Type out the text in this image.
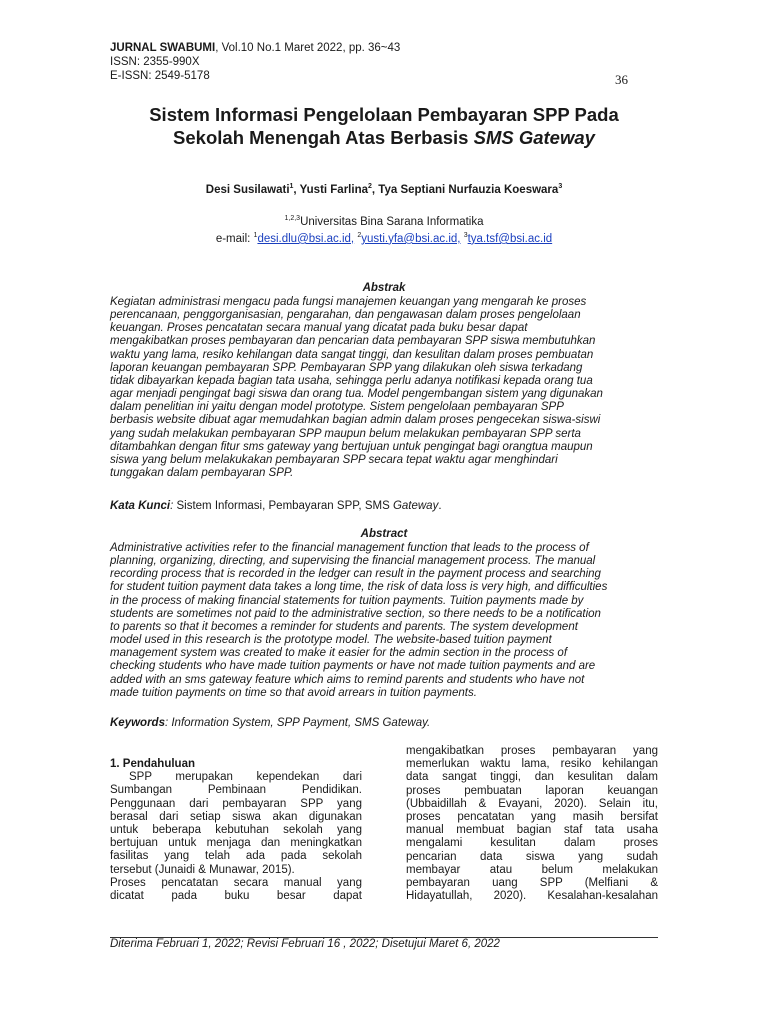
JURNAL SWABUMI, Vol.10 No.1 Maret 2022, pp. 36~43
ISSN: 2355-990X
E-ISSN: 2549-5178	36
Sistem Informasi Pengelolaan Pembayaran SPP Pada
Sekolah Menengah Atas Berbasis SMS Gateway
Desi Susilawati$^1$, Yusti Farlina$^2$, Tya Septiani Nurfauzia Koeswara$^3$
$^{1,2,3}$Universitas Bina Sarana Informatika
e-mail: $^1$desi.dlu@bsi.ac.id, $^2$yusti.yfa@bsi.ac.id, $^3$tya.tsf@bsi.ac.id
Abstrak
Kegiatan administrasi mengacu pada fungsi manajemen keuangan yang mengarah ke proses
perencanaan, penggorganisasian, pengarahan, dan pengawasan dalam proses pengelolaan
keuangan. Proses pencatatan secara manual yang dicatat pada buku besar dapat
mengakibatkan proses pembayaran dan pencarian data pembayaran SPP siswa membutuhkan
waktu yang lama, resiko kehilangan data sangat tinggi, dan kesulitan dalam proses pembuatan
laporan keuangan pembayaran SPP. Pembayaran SPP yang dilakukan oleh siswa terkadang
tidak dibayarkan kepada bagian tata usaha, sehingga perlu adanya notifikasi kepada orang tua
agar menjadi pengingat bagi siswa dan orang tua. Model pengembangan sistem yang digunakan
dalam penelitian ini yaitu dengan model prototype. Sistem pengelolaan pembayaran SPP
berbasis website dibuat agar memudahkan bagian admin dalam proses pengecekan siswa-siswi
yang sudah melakukan pembayaran SPP maupun belum melakukan pembayaran SPP serta
ditambahkan dengan fitur sms gateway yang bertujuan untuk pengingat bagi orangtua maupun
siswa yang belum melakukakan pembayaran SPP secara tepat waktu agar menghindari
tunggakan dalam pembayaran SPP.
Kata Kunci: Sistem Informasi, Pembayaran SPP, SMS Gateway.
Abstract
Administrative activities refer to the financial management function that leads to the process of
planning, organizing, directing, and supervising the financial management process. The manual
recording process that is recorded in the ledger can result in the payment process and searching
for student tuition payment data takes a long time, the risk of data loss is very high, and difficulties
in the process of making financial statements for tuition payments. Tuition payments made by
students are sometimes not paid to the administrative section, so there needs to be a notification
to parents so that it becomes a reminder for students and parents. The system development
model used in this research is the prototype model. The website-based tuition payment
management system was created to make it easier for the admin section in the process of
checking students who have made tuition payments or have not made tuition payments and are
added with an sms gateway feature which aims to remind parents and students who have not
made tuition payments on time so that avoid arrears in tuition payments.
Keywords: Information System, SPP Payment, SMS Gateway.

1. Pendahuluan

SPP merupakan kependekan dari

Sumbangan Pembinaan Pendidikan.

Penggunaan dari pembayaran SPP yang

berasal dari setiap siswa akan digunakan

untuk beberapa kebutuhan sekolah yang

bertujuan untuk menjaga dan meningkatkan

fasilitas yang telah ada pada sekolah

tersebut (Junaidi & Munawar, 2015).

Proses pencatatan secara manual yang

dicatat pada buku besar dapat

mengakibatkan proses pembayaran yang

memerlukan waktu lama, resiko kehilangan

data sangat tinggi, dan kesulitan dalam

proses pembuatan laporan keuangan

(Ubbaidillah & Evayani, 2020). Selain itu,

proses pencatatan yang masih bersifat

manual membuat bagian staf tata usaha

mengalami kesulitan dalam proses

pencarian data siswa yang sudah

membayar atau belum melakukan

pembayaran uang SPP (Melfiani &

Hidayatullah, 2020). Kesalahan-kesalahan

Diterima Februari 1, 2022; Revisi Februari 16 , 2022; Disetujui Maret 6, 2022
